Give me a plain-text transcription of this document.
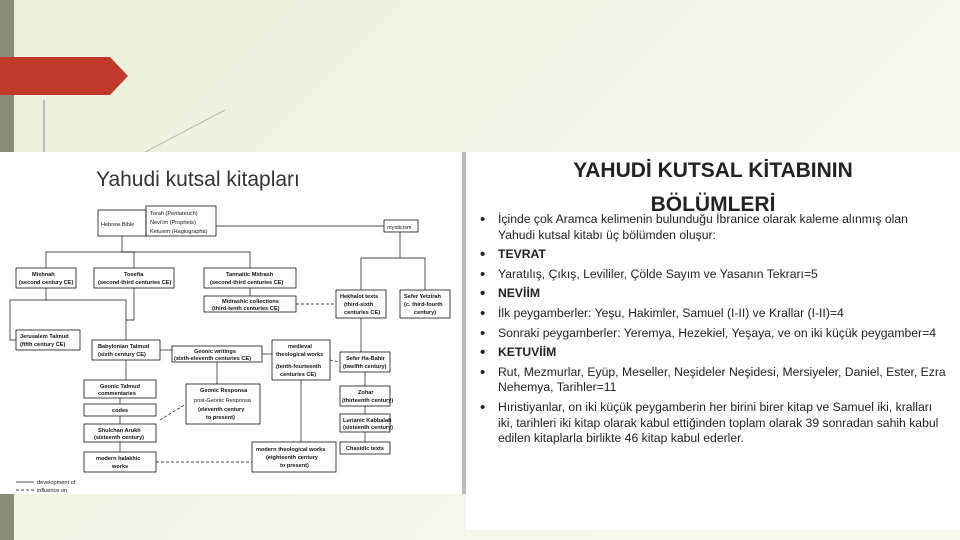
Yahudi kutsal kitapları
Hebrew Bible
Torah (Pentateuch)
Nevi'im (Prophets)
Ketuvim (Hagiographa)
mysticism
Mishnah
(second century CE)
Tosefta
(second-third centuries CE)
Tannaitic Midrash
(second-third centuries CE)
Midrashic collections
(third-tenth centuries CE)
Hekhalot texts
(third-sixth
centuries CE)
Sefer Yetzirah
(c. third-fourth
century)
Jerusalem Talmud
(fifth century CE)	Babylonian Talmud
(sixth century CE)	Geonic writings
(sixth-eleventh centuries CE)
medieval
theological works
(tenth-fourteenth
centuries CE)
Sefer Ha-Bahir
(twelfth century)
Geonic Talmud
commentaries	Geonic Responsa
post-Geonic Responsa
(eleventh century
to present)
Zohar
(thirteenth century)
codes
Shulchan Arukh
(sixteenth century)
Lurianic Kabbalah
(sixteenth century)
Chasidic texts
modern halakhic
works
modern theological works
(eighteenth century
to present)
development of
influence on
YAHUDİ KUTSAL KİTABININ
BÖLÜMLERİ
• İçinde çok Aramca kelimenin bulunduğu İbranice olarak kaleme alınmış olan Yahudi kutsal kitabı üç bölümden oluşur:
• TEVRAT
• Yaratılış, Çıkış, Levililer, Çölde Sayım ve Yasanın Tekrarı=5
• NEVİİM
• İlk peygamberler: Yeşu, Hakimler, Samuel (I-II) ve Krallar (I-II)=4
• Sonraki peygamberler: Yeremya, Hezekiel, Yeşaya, ve on iki küçük peygamber=4
• KETUVİİM
• Rut, Mezmurlar, Eyüp, Meseller, Neşideler Neşidesi, Mersiyeler, Daniel, Ester, Ezra Nehemya, Tarihler=11
• Hıristiyanlar, on iki küçük peygamberin her birini birer kitap ve Samuel iki, kralları iki, tarihleri iki kitap olarak kabul ettiğinden toplam olarak 39 sonradan sahih kabul edilen kitaplarla birlikte 46 kitap kabul ederler.
